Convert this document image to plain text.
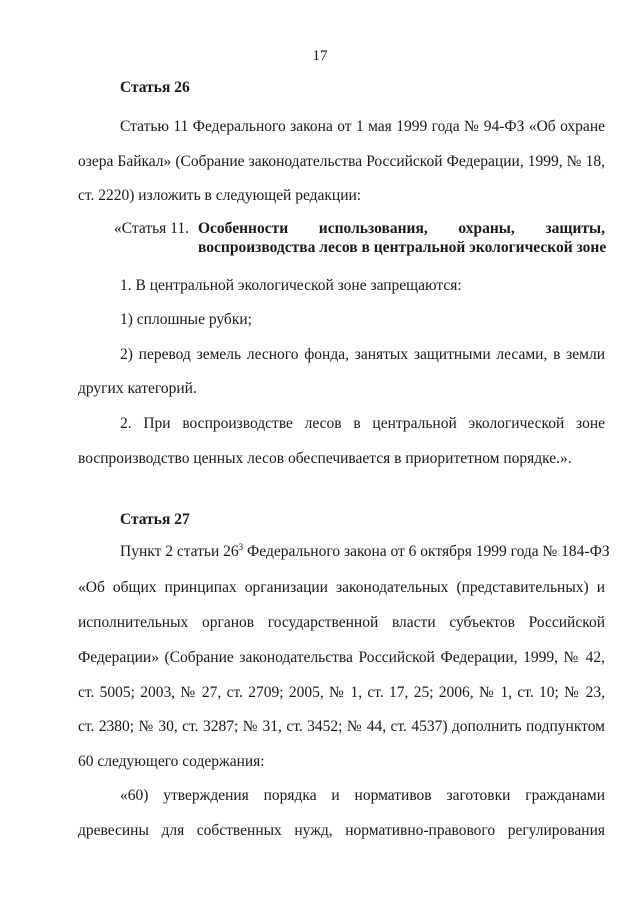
17
Статья 26
Статью 11 Федерального закона от 1 мая 1999 года № 94-ФЗ «Об охране
озера Байкал» (Собрание законодательства Российской Федерации, 1999, № 18,
ст. 2220) изложить в следующей редакции:
«Статья 11. Особенности использования, охраны, защиты,
воспроизводства лесов в центральной экологической зоне
1. В центральной экологической зоне запрещаются:
1) сплошные рубки;
2) перевод земель лесного фонда, занятых защитными лесами, в земли
других категорий.
2. При воспроизводстве лесов в центральной экологической зоне
воспроизводство ценных лесов обеспечивается в приоритетном порядке.».
Статья 27
Пункт 2 статьи $26^3$ Федерального закона от 6 октября 1999 года № 184-ФЗ
«Об общих принципах организации законодательных (представительных) и
исполнительных органов государственной власти субъектов Российской
Федерации» (Собрание законодательства Российской Федерации, 1999, № 42,
ст. 5005; 2003, № 27, ст. 2709; 2005, № 1, ст. 17, 25; 2006, № 1, ст. 10; № 23,
ст. 2380; № 30, ст. 3287; № 31, ст. 3452; № 44, ст. 4537) дополнить подпунктом
60 следующего содержания:
«60) утверждения порядка и нормативов заготовки гражданами
древесины для собственных нужд, нормативно-правового регулирования
